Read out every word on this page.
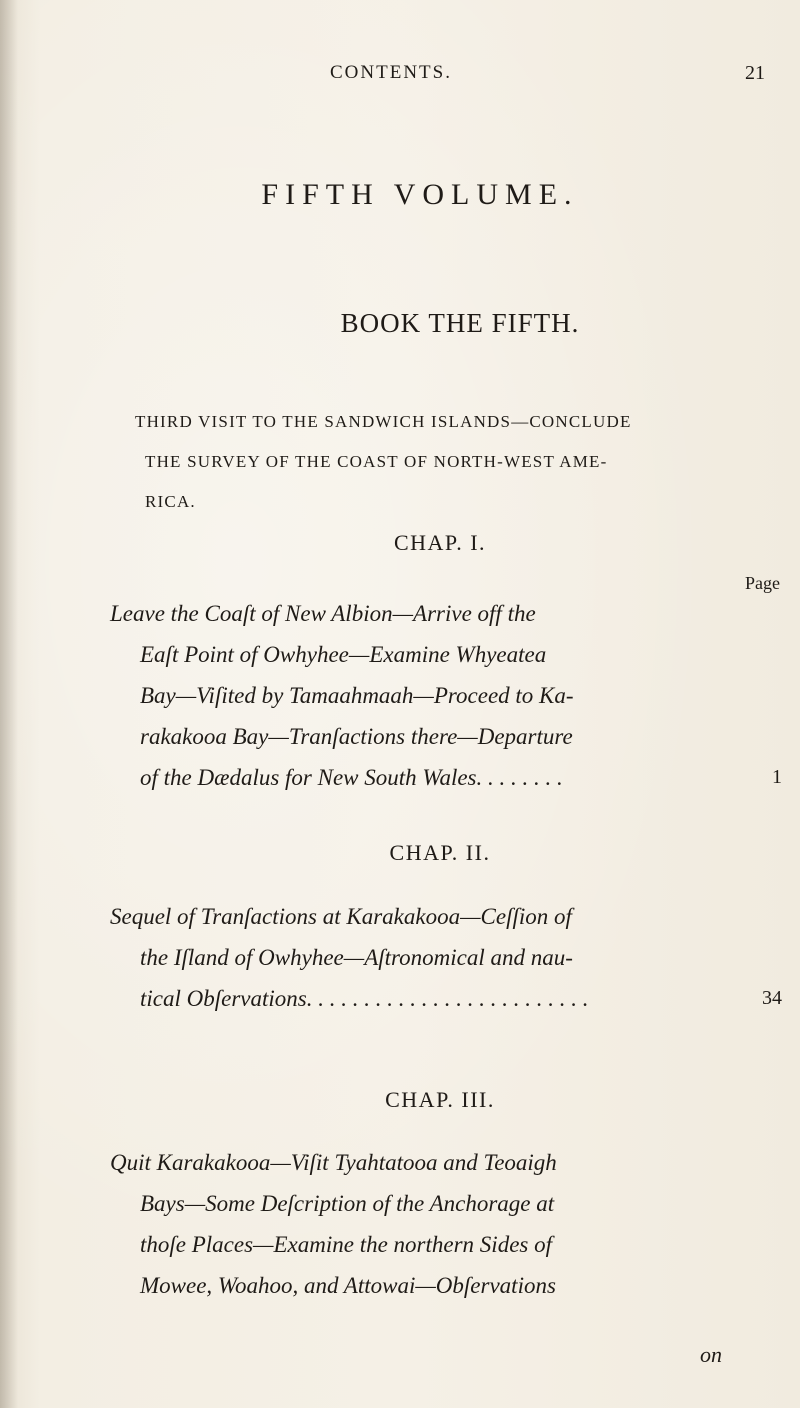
CONTENTS.	21
FIFTH VOLUME.
BOOK THE FIFTH.
THIRD VISIT TO THE SANDWICH ISLANDS—CONCLUDE
THE SURVEY OF THE COAST OF NORTH-WEST AME-
RICA.
CHAP. I.
Page
Leave the Coaſt of New Albion—Arrive off the
Eaſt Point of Owhyhee—Examine Whyeatea
Bay—Viſited by Tamaahmaah—Proceed to Ka-
rakakooa Bay—Tranſactions there—Departure
of the Dædalus for New South Wales. . . . . . . .	1
CHAP. II.
Sequel of Tranſactions at Karakakooa—Ceſſion of
the Iſland of Owhyhee—Aſtronomical and nau-
tical Obſervations. . . . . . . . . . . . . . . . . . . . . . . . .	34
CHAP. III.
Quit Karakakooa—Viſit Tyahtatooa and Teoaigh
Bays—Some Deſcription of the Anchorage at
thoſe Places—Examine the northern Sides of
Mowee, Woahoo, and Attowai—Obſervations
on
